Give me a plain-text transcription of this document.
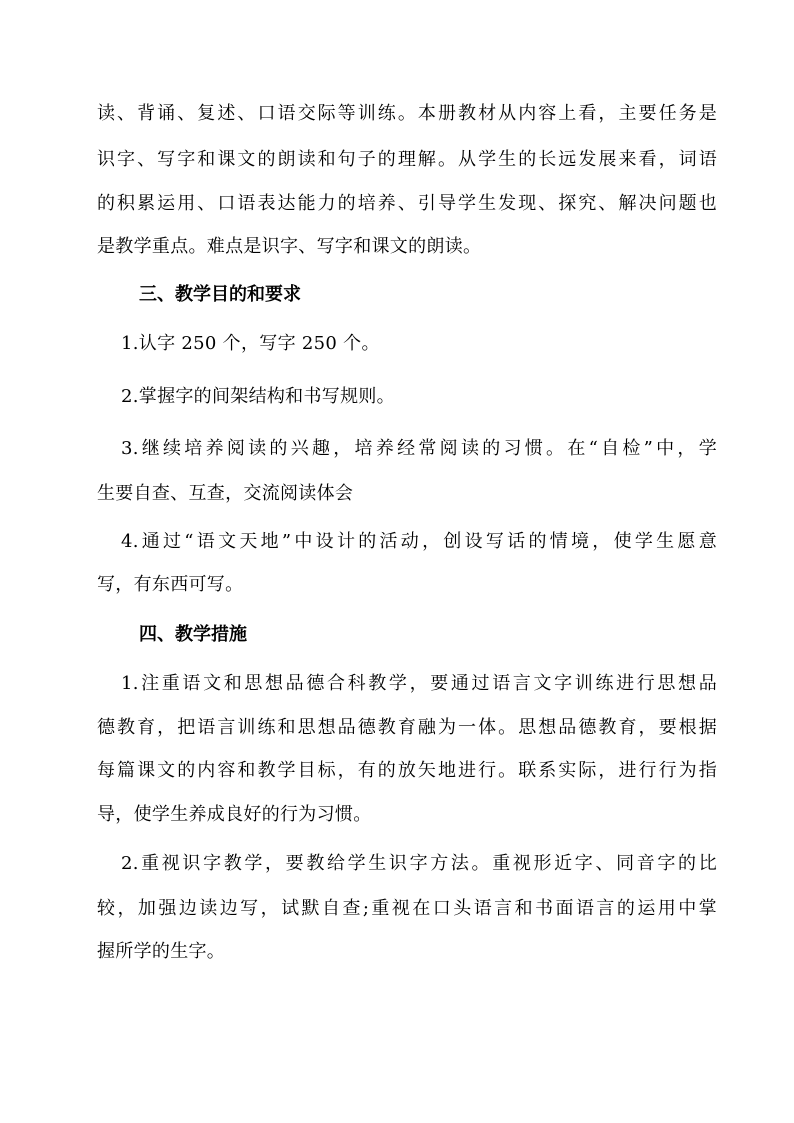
读、背诵、复述、口语交际等训练。本册教材从内容上看，主要任务是
识字、写字和课文的朗读和句子的理解。从学生的长远发展来看，词语
的积累运用、口语表达能力的培养、引导学生发现、探究、解决问题也
是教学重点。难点是识字、写字和课文的朗读。
三、教学目的和要求
1.认字 250 个，写字 250 个。
2.掌握字的间架结构和书写规则。
3.继续培养阅读的兴趣，培养经常阅读的习惯。在“自检”中，学
生要自查、互查，交流阅读体会
4.通过“语文天地”中设计的活动，创设写话的情境，使学生愿意
写，有东西可写。
四、教学措施
1.注重语文和思想品德合科教学，要通过语言文字训练进行思想品
德教育，把语言训练和思想品德教育融为一体。思想品德教育，要根据
每篇课文的内容和教学目标，有的放矢地进行。联系实际，进行行为指
导，使学生养成良好的行为习惯。
2.重视识字教学，要教给学生识字方法。重视形近字、同音字的比
较，加强边读边写，试默自查;重视在口头语言和书面语言的运用中掌
握所学的生字。
